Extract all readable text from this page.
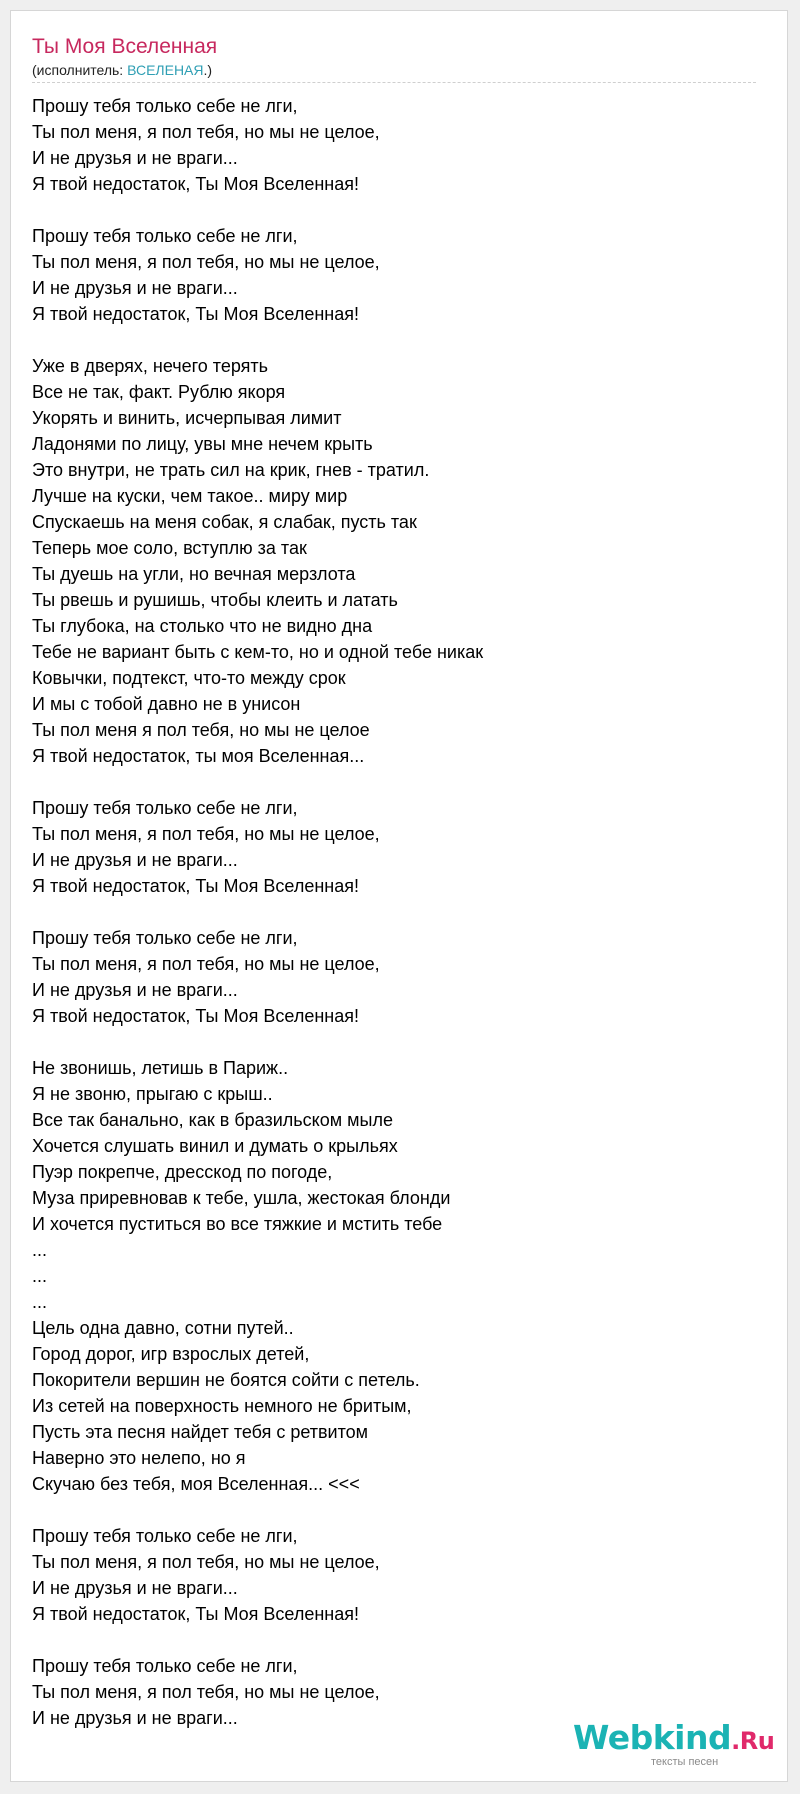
Ты Моя Вселенная
(исполнитель: ВСЕЛЕНАЯ.)
Прошу тебя только себе не лги,
Ты пол меня, я пол тебя, но мы не целое,
И не друзья и не враги...
Я твой недостаток, Ты Моя Вселенная!
Прошу тебя только себе не лги,
Ты пол меня, я пол тебя, но мы не целое,
И не друзья и не враги...
Я твой недостаток, Ты Моя Вселенная!
Уже в дверях, нечего терять
Все не так, факт. Рублю якоря
Укорять и винить, исчерпывая лимит
Ладонями по лицу, увы мне нечем крыть
Это внутри, не трать сил на крик, гнев - тратил.
Лучше на куски, чем такое.. миру мир
Спускаешь на меня собак, я слабак, пусть так
Теперь мое соло, вступлю за так
Ты дуешь на угли, но вечная мерзлота
Ты рвешь и рушишь, чтобы клеить и латать
Ты глубока, на столько что не видно дна
Тебе не вариант быть с кем-то, но и одной тебе никак
Ковычки, подтекст, что-то между срок
И мы с тобой давно не в унисон
Ты пол меня я пол тебя, но мы не целое
Я твой недостаток, ты моя Вселенная...
Прошу тебя только себе не лги,
Ты пол меня, я пол тебя, но мы не целое,
И не друзья и не враги...
Я твой недостаток, Ты Моя Вселенная!
Прошу тебя только себе не лги,
Ты пол меня, я пол тебя, но мы не целое,
И не друзья и не враги...
Я твой недостаток, Ты Моя Вселенная!
Не звонишь, летишь в Париж..
Я не звоню, прыгаю с крыш..
Все так банально, как в бразильском мыле
Хочется слушать винил и думать о крыльях
Пуэр покрепче, дресскод по погоде,
Муза приревновав к тебе, ушла, жестокая блонди
И хочется пуститься во все тяжкие и мстить тебе
...
...
...
Цель одна давно, сотни путей..
Город дорог, игр взрослых детей,
Покорители вершин не боятся сойти с петель.
Из сетей на поверхность немного не бритым,
Пусть эта песня найдет тебя с ретвитом
Наверно это нелепо, но я
Скучаю без тебя, моя Вселенная... <<<
Прошу тебя только себе не лги,
Ты пол меня, я пол тебя, но мы не целое,
И не друзья и не враги...
Я твой недостаток, Ты Моя Вселенная!
Прошу тебя только себе не лги,
Ты пол меня, я пол тебя, но мы не целое,
И не друзья и не враги...	Webkind.Ru
тексты песен
